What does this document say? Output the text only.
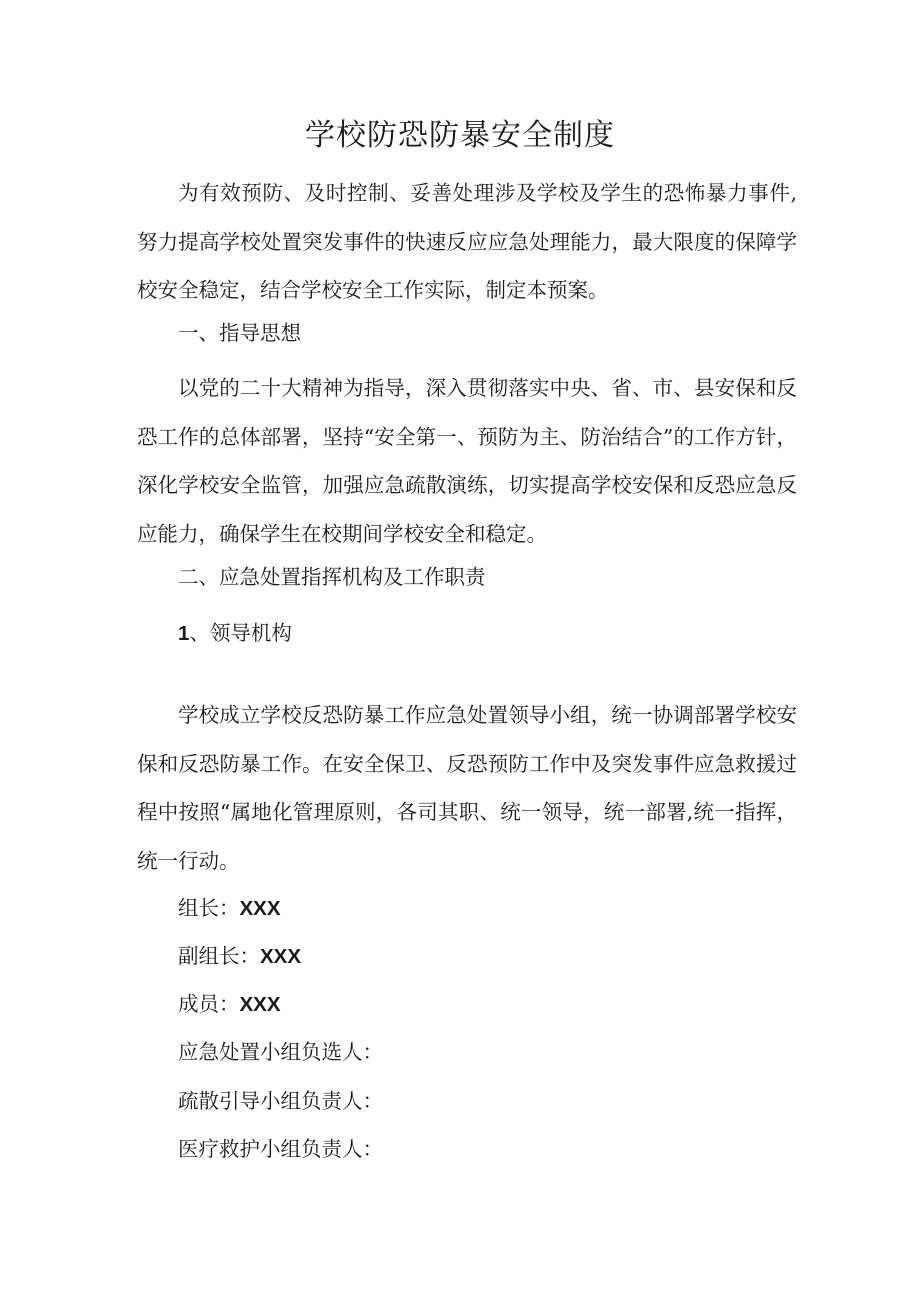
学校防恐防暴安全制度

为有效预防、及时控制、妥善处理涉及学校及学生的恐怖暴力事件,努力提高学校处置突发事件的快速反应应急处理能力，最大限度的保障学校安全稳定，结合学校安全工作实际，制定本预案。

一、指导思想

以党的二十大精神为指导，深入贯彻落实中央、省、市、县安保和反恐工作的总体部署，坚持“安全第一、预防为主、防治结合”的工作方针，深化学校安全监管，加强应急疏散演练，切实提高学校安保和反恐应急反应能力，确保学生在校期间学校安全和稳定。

二、应急处置指挥机构及工作职责

1、领导机构

学校成立学校反恐防暴工作应急处置领导小组，统一协调部署学校安保和反恐防暴工作。在安全保卫、反恐预防工作中及突发事件应急救援过程中按照“属地化管理原则，各司其职、统一领导，统一部署,统一指挥，统一行动。

组长：XXX

副组长：XXX

成员：XXX

应急处置小组负选人：

疏散引导小组负责人：

医疗救护小组负责人：
